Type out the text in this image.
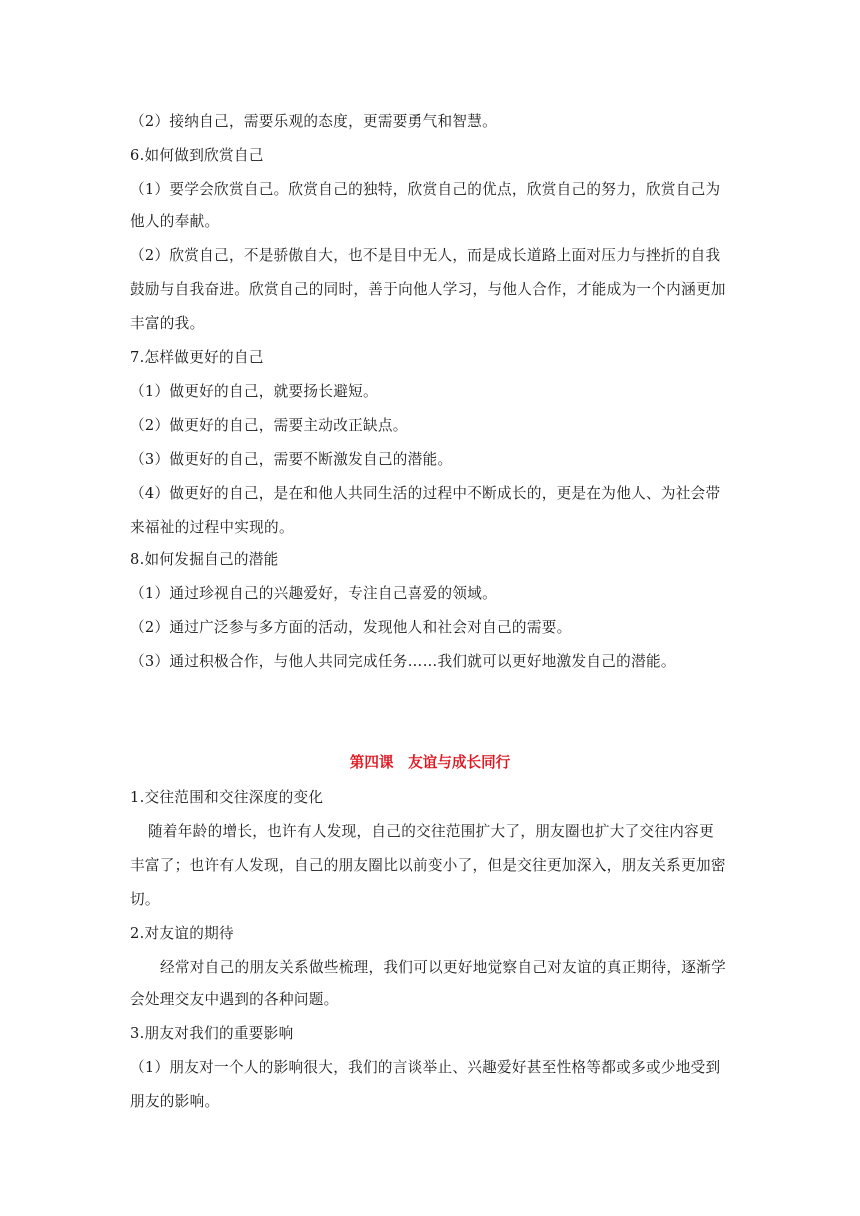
（2）接纳自己，需要乐观的态度，更需要勇气和智慧。
6.如何做到欣赏自己
（1）要学会欣赏自己。欣赏自己的独特，欣赏自己的优点，欣赏自己的努力，欣赏自己为
他人的奉献。
（2）欣赏自己，不是骄傲自大，也不是目中无人，而是成长道路上面对压力与挫折的自我
鼓励与自我奋进。欣赏自己的同时，善于向他人学习，与他人合作，才能成为一个内涵更加
丰富的我。
7.怎样做更好的自己
（1）做更好的自己，就要扬长避短。
（2）做更好的自己，需要主动改正缺点。
（3）做更好的自己，需要不断激发自己的潜能。
（4）做更好的自己，是在和他人共同生活的过程中不断成长的，更是在为他人、为社会带
来福祉的过程中实现的。
8.如何发掘自己的潜能
（1）通过珍视自己的兴趣爱好，专注自己喜爱的领域。
（2）通过广泛参与多方面的活动，发现他人和社会对自己的需要。
（3）通过积极合作，与他人共同完成任务……我们就可以更好地激发自己的潜能。
第四课　友谊与成长同行
1.交往范围和交往深度的变化
随着年龄的增长，也许有人发现，自己的交往范围扩大了，朋友圈也扩大了交往内容更
丰富了；也许有人发现，自己的朋友圈比以前变小了，但是交往更加深入，朋友关系更加密
切。
2.对友谊的期待
经常对自己的朋友关系做些梳理，我们可以更好地觉察自己对友谊的真正期待，逐渐学
会处理交友中遇到的各种问题。
3.朋友对我们的重要影响
（1）朋友对一个人的影响很大，我们的言谈举止、兴趣爱好甚至性格等都或多或少地受到
朋友的影响。
